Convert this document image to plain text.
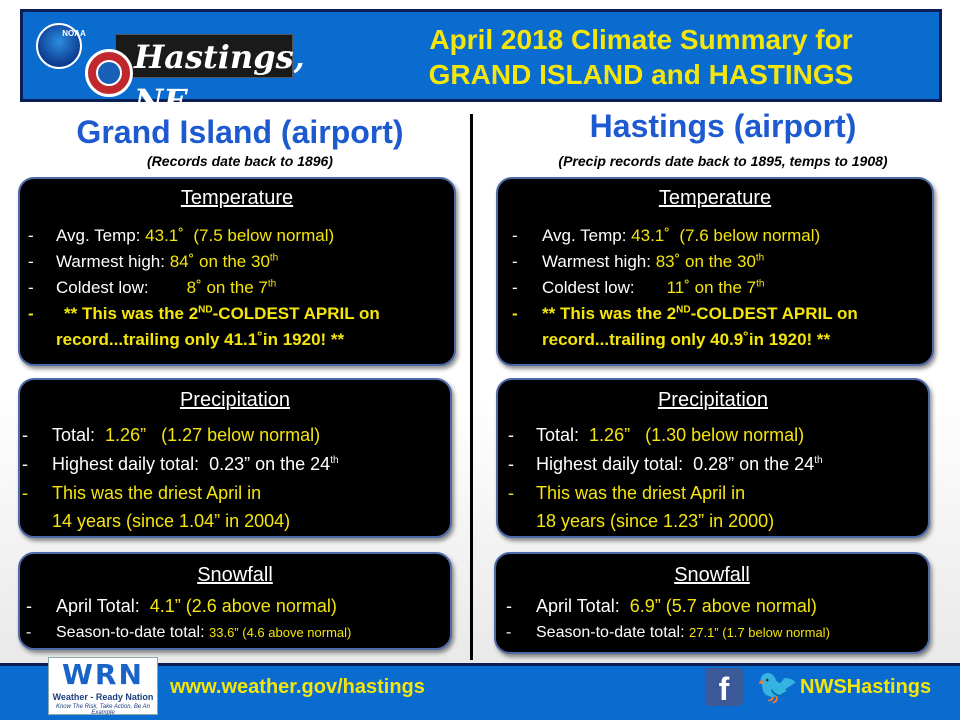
NOAA
Hastings, NE
April 2018 Climate Summary for
GRAND ISLAND and HASTINGS
Grand Island (airport)
(Records date back to 1896)
Temperature
- Avg. Temp: 43.1˚ (7.5 below normal)
- Warmest high: 84˚ on the 30th
- Coldest low: 8˚ on the 7th
- ** This was the 2ND-COLDEST APRIL on
record...trailing only 41.1˚in 1920! **
Precipitation
- Total: 1.26” (1.27 below normal)
- Highest daily total: 0.23” on the 24th
- This was the driest April in
14 years (since 1.04” in 2004)
Snowfall
- April Total: 4.1” (2.6 above normal)
- Season-to-date total: 33.6” (4.6 above normal)
Hastings (airport)
(Precip records date back to 1895, temps to 1908)
Temperature
- Avg. Temp: 43.1˚ (7.6 below normal)
- Warmest high: 83˚ on the 30th
- Coldest low: 11˚ on the 7th
- ** This was the 2ND-COLDEST APRIL on
record...trailing only 40.9˚in 1920! **
Precipitation
- Total: 1.26” (1.30 below normal)
- Highest daily total: 0.28” on the 24th
- This was the driest April in
18 years (since 1.23” in 2000)
Snowfall
- April Total: 6.9” (5.7 above normal)
- Season-to-date total: 27.1” (1.7 below normal)
WRN
Weather - Ready Nation
Know The Risk, Take Action, Be An Example
www.weather.gov/hastings	f 🐦 NWSHastings
